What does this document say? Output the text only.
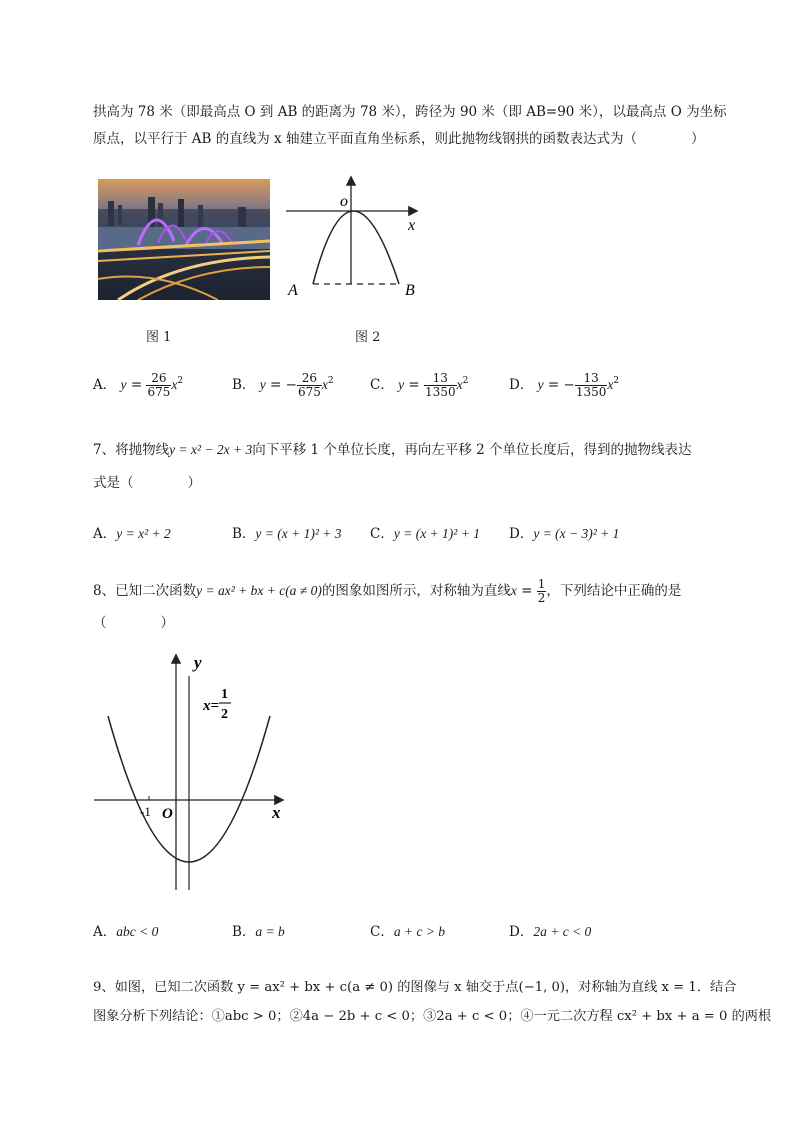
拱高为 78 米（即最高点 O 到 AB 的距离为 78 米），跨径为 90 米（即 AB=90 米），以最高点 O 为坐标
原点，以平行于 AB 的直线为 x 轴建立平面直角坐标系，则此抛物线钢拱的函数表达式为（　　　　）
图 1
o
x
A	B
图 2
A． $y = \frac{26}{675} x^2$	B． y = − $\frac{26}{675} x^2$	C． $y = \frac{13}{1350} x^2$	D． y = − $\frac{13}{1350} x^2$
7、将抛物线y = x² − 2x + 3向下平移 1 个单位长度，再向左平移 2 个单位长度后，得到的抛物线表达
式是（　　　　）
A．y = x² + 2	B．y = (x + 1)² + 3 C．y = (x + 1)² + 1 D．y = (x − 3)² + 1
8、已知二次函数y = ax² + bx + c(a ≠ 0)的图象如图所示，对称轴为直线$x = \frac{1}{2}$ ，下列结论中正确的是
（　　　　）
y
x
O
-1
x=
1
2
A．abc < 0	B．a = b	C．a + c > b	D．2a + c < 0
9、如图，已知二次函数 y = ax² + bx + c(a ≠ 0) 的图像与 x 轴交于点(−1, 0)，对称轴为直线 x = 1．结合
图象分析下列结论：①abc > 0；②4a − 2b + c < 0；③2a + c < 0；④一元二次方程 cx² + bx + a = 0 的两根
